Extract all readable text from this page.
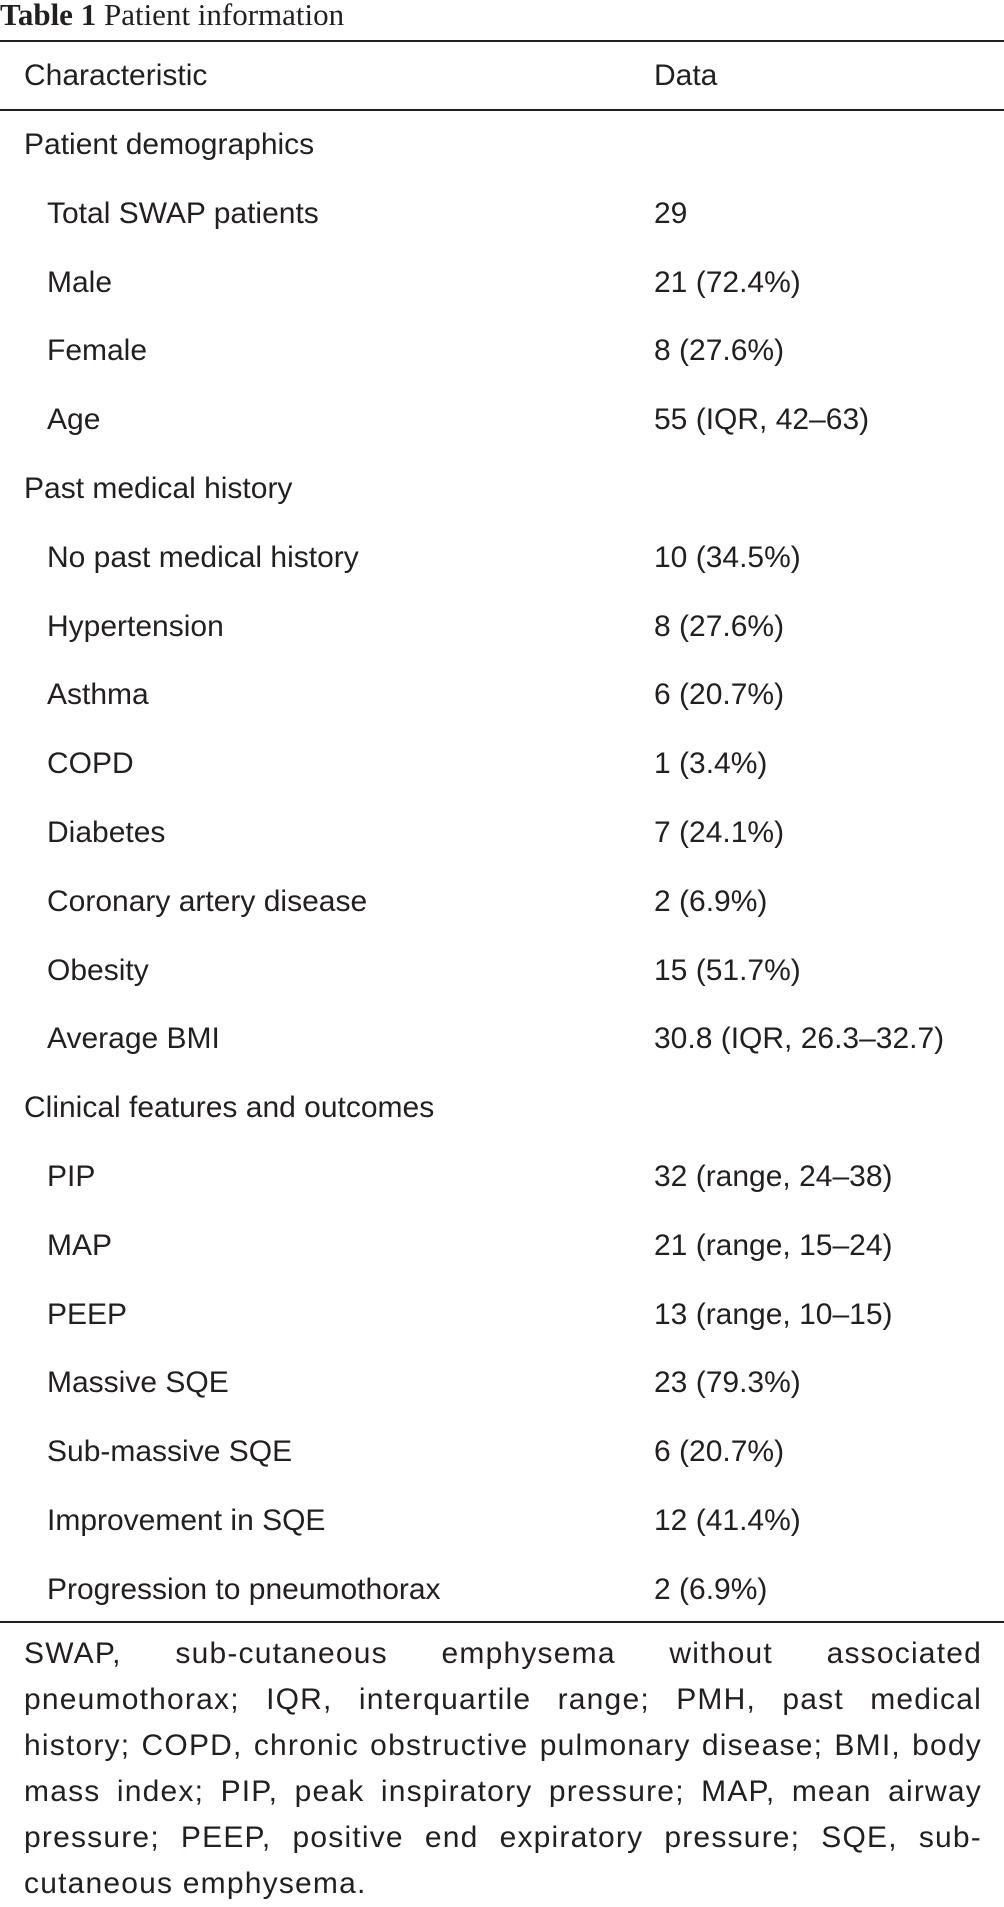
Table 1 Patient information
Characteristic	Data
Patient demographics
Total SWAP patients	29
Male	21 (72.4%)
Female	8 (27.6%)
Age	55 (IQR, 42–63)
Past medical history
No past medical history	10 (34.5%)
Hypertension	8 (27.6%)
Asthma	6 (20.7%)
COPD	1 (3.4%)
Diabetes	7 (24.1%)
Coronary artery disease	2 (6.9%)
Obesity	15 (51.7%)
Average BMI	30.8 (IQR, 26.3–32.7)
Clinical features and outcomes
PIP	32 (range, 24–38)
MAP	21 (range, 15–24)
PEEP	13 (range, 10–15)
Massive SQE	23 (79.3%)
Sub-massive SQE	6 (20.7%)
Improvement in SQE	12 (41.4%)
Progression to pneumothorax	2 (6.9%)
SWAP, sub-cutaneous emphysema without associated pneumothorax; IQR, interquartile range; PMH, past medical history; COPD, chronic obstructive pulmonary disease; BMI, body mass index; PIP, peak inspiratory pressure; MAP, mean airway pressure; PEEP, positive end expiratory pressure; SQE, sub-cutaneous emphysema.
